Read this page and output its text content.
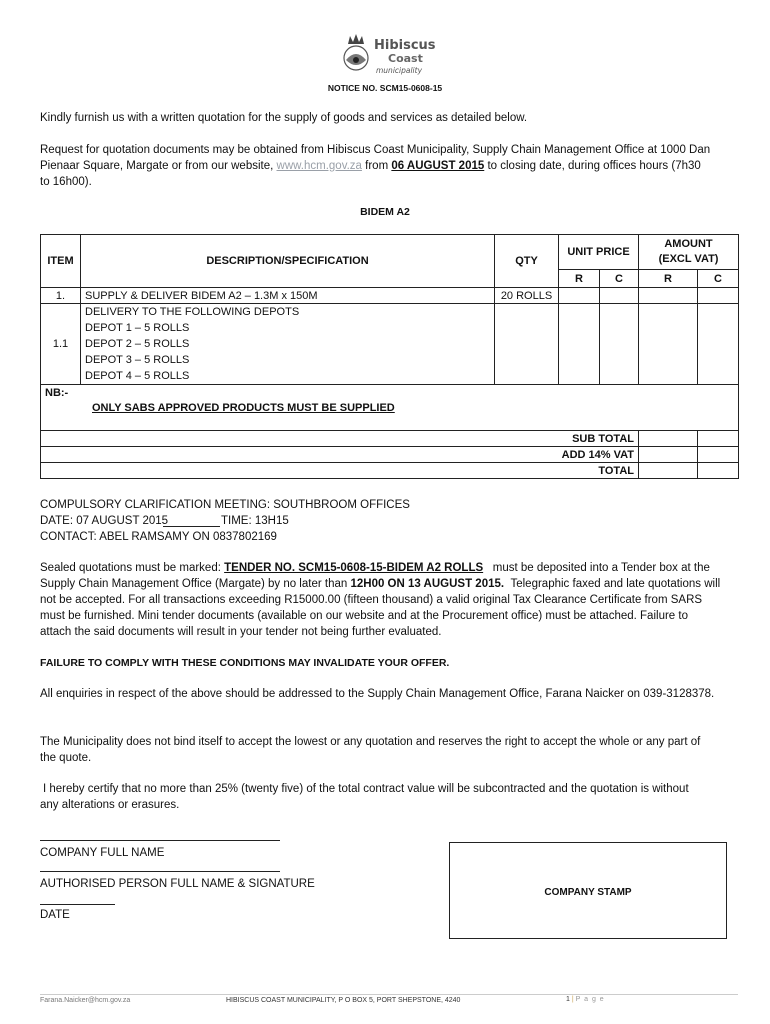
Hibiscus
Coast
municipality
NOTICE NO. SCM15-0608-15
Kindly furnish us with a written quotation for the supply of goods and services as detailed below.
Request for quotation documents may be obtained from Hibiscus Coast Municipality, Supply Chain Management Office at 1000 Dan
Pienaar Square, Margate or from our website, www.hcm.gov.za from 06 AUGUST 2015 to closing date, during offices hours (7h30
to 16h00).
BIDEM A2
ITEM	DESCRIPTION/SPECIFICATION	QTY	UNIT PRICE		AMOUNT
(EXCL VAT)	

			R	C	R	C
1.	SUPPLY & DELIVER BIDEM A2 – 1.3M x 150M	20 ROLLS				
1.1	DELIVERY TO THE FOLLOWING DEPOTS
DEPOT 1 – 5 ROLLS
DEPOT 2 – 5 ROLLS
DEPOT 3 – 5 ROLLS
DEPOT 4 – 5 ROLLS					

NB:-
ONLY SABS APPROVED PRODUCTS MUST BE SUPPLIED						

SUB TOTAL						
ADD 14% VAT						
TOTAL						
COMPULSORY CLARIFICATION MEETING: SOUTHBROOM OFFICES
DATE: 07 AUGUST 2015	TIME: 13H15
CONTACT: ABEL RAMSAMY ON 0837802169
Sealed quotations must be marked: TENDER NO. SCM15-0608-15-BIDEM A2 ROLLS must be deposited into a Tender box at the
Supply Chain Management Office (Margate) by no later than 12H00 ON 13 AUGUST 2015. Telegraphic faxed and late quotations will
not be accepted. For all transactions exceeding R15000.00 (fifteen thousand) a valid original Tax Clearance Certificate from SARS
must be furnished. Mini tender documents (available on our website and at the Procurement office) must be attached. Failure to
attach the said documents will result in your tender not being further evaluated.
FAILURE TO COMPLY WITH THESE CONDITIONS MAY INVALIDATE YOUR OFFER.
All enquiries in respect of the above should be addressed to the Supply Chain Management Office, Farana Naicker on 039-3128378.
The Municipality does not bind itself to accept the lowest or any quotation and reserves the right to accept the whole or any part of
the quote.
I hereby certify that no more than 25% (twenty five) of the total contract value will be subcontracted and the quotation is without
any alterations or erasures.
COMPANY FULL NAME
AUTHORISED PERSON FULL NAME & SIGNATURE
DATE
COMPANY STAMP
Farana.Naicker@hcm.gov.za	HIBISCUS COAST MUNICIPALITY, P O BOX 5, PORT SHEPSTONE, 4240	1 | P a g e
